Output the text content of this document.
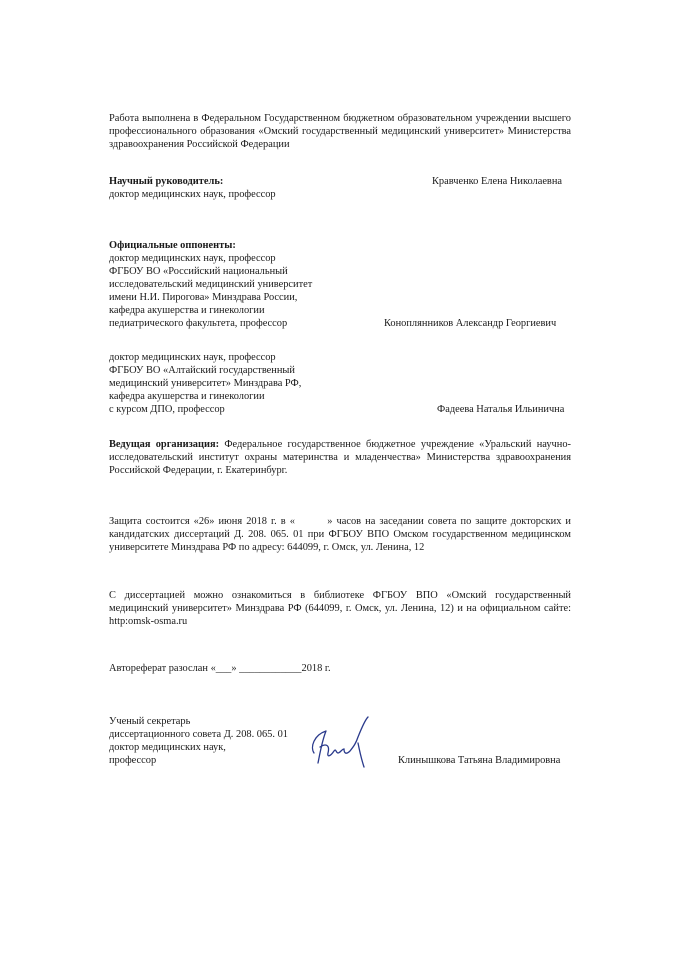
Работа выполнена в Федеральном Государственном бюджетном образовательном учреждении высшего профессионального образования «Омский государственный медицинский университет» Министерства здравоохранения Российской Федерации
Научный руководитель:
доктор медицинских наук, профессор
Кравченко Елена Николаевна
Официальные оппоненты:
доктор медицинских наук, профессор
ФГБОУ ВО «Российский национальный
исследовательский медицинский университет
имени Н.И. Пирогова» Минздрава России,
кафедра акушерства и гинекологии
педиатрического факультета, профессор	Коноплянников Александр Георгиевич
доктор медицинских наук, профессор
ФГБОУ ВО «Алтайский государственный
медицинский университет» Минздрава РФ,
кафедра акушерства и гинекологии
с курсом ДПО, профессор	Фадеева Наталья Ильинична
Ведущая организация: Федеральное государственное бюджетное учреждение «Уральский научно-исследовательский институт охраны материнства и младенчества» Министерства здравоохранения Российской Федерации, г. Екатеринбург.
Защита состоится «26» июня 2018 г. в «        » часов на заседании совета по защите докторских и кандидатских диссертаций Д. 208. 065. 01 при ФГБОУ ВПО Омском государственном медицинском университете Минздрава РФ по адресу: 644099, г. Омск, ул. Ленина, 12
С диссертацией можно ознакомиться в библиотеке ФГБОУ ВПО «Омский государственный медицинский университет» Минздрава РФ (644099, г. Омск, ул. Ленина, 12) и на официальном сайте: http:omsk-osma.ru
Автореферат разослан «___» ____________2018 г.
Ученый секретарь
диссертационного совета Д. 208. 065. 01
доктор медицинских наук,
профессор	Клинышкова Татьяна Владимировна
